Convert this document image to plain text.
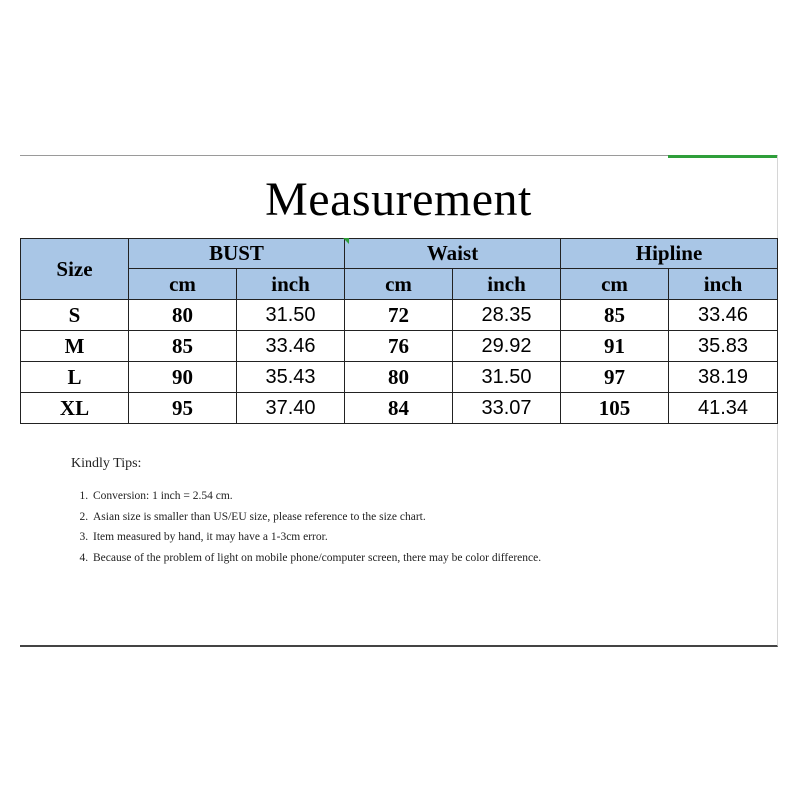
Measurement
Size	BUST		Waist		Hipline	
	cm	inch	cm	inch	cm	inch
S	80	31.50	72	28.35	85	33.46
M	85	33.46	76	29.92	91	35.83
L	90	35.43	80	31.50	97	38.19
XL	95	37.40	84	33.07	105	41.34

Kindly Tips:

1. Conversion: 1 inch = 2.54 cm.
2. Asian size is smaller than US/EU size, please reference to the size chart.
3. Item measured by hand, it may have a 1-3cm error.
4. Because of the problem of light on mobile phone/computer screen, there may be color difference.
